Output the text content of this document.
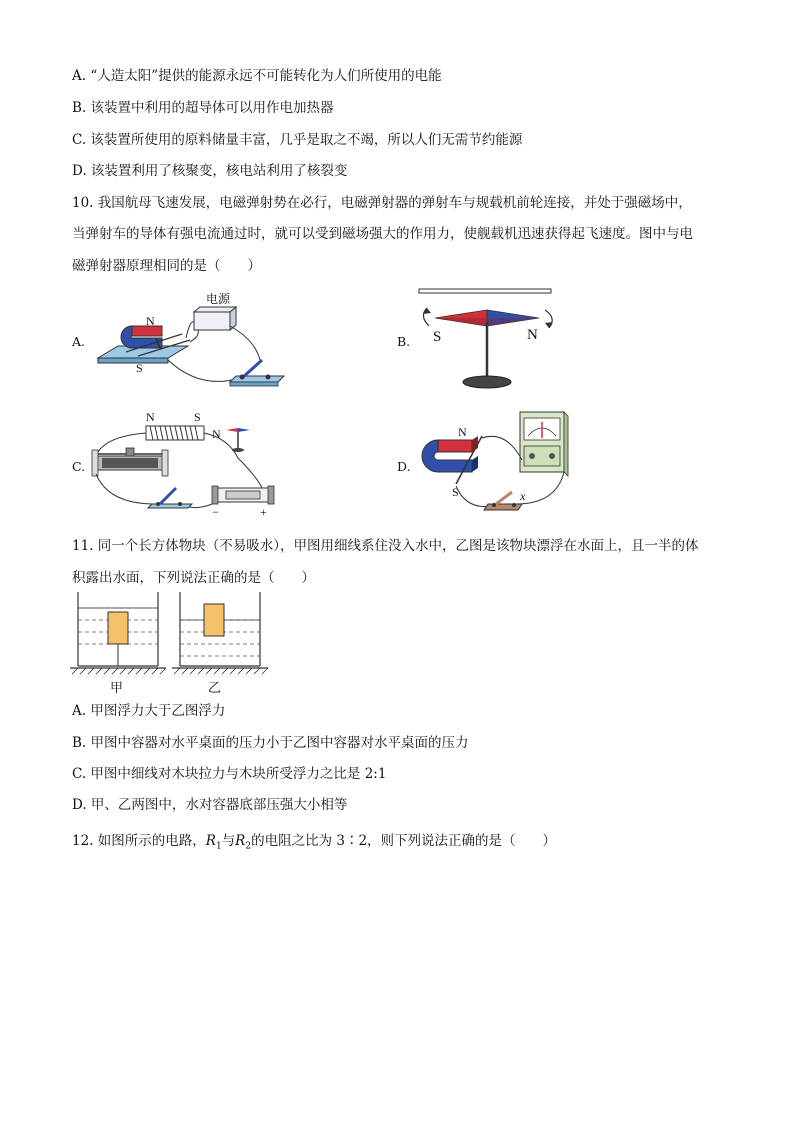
A. “人造太阳”提供的能源永远不可能转化为人们所使用的电能
B. 该装置中利用的超导体可以用作电加热器
C. 该装置所使用的原料储量丰富，几乎是取之不竭，所以人们无需节约能源
D. 该装置利用了核聚变，核电站利用了核裂变
10. 我国航母飞速发展，电磁弹射势在必行，电磁弹射器的弹射车与规载机前轮连接，并处于强磁场中，
当弹射车的导体有强电流通过时，就可以受到磁场强大的作用力，使舰载机迅速获得起飞速度。图中与电
磁弹射器原理相同的是（　　）
A.
N
S
电源
B. S	N
C.
N	S
N
−	+
D.
N
S	x
11. 同一个长方体物块（不易吸水），甲图用细线系住没入水中，乙图是该物块漂浮在水面上，且一半的体
积露出水面，下列说法正确的是（　　）
甲	乙
A. 甲图浮力大于乙图浮力
B. 甲图中容器对水平桌面的压力小于乙图中容器对水平桌面的压力
C. 甲图中细线对木块拉力与木块所受浮力之比是 2:1
D. 甲、乙两图中，水对容器底部压强大小相等
12. 如图所示的电路，$R_1$与$R_2$的电阻之比为 3∶2，则下列说法正确的是（　　）
